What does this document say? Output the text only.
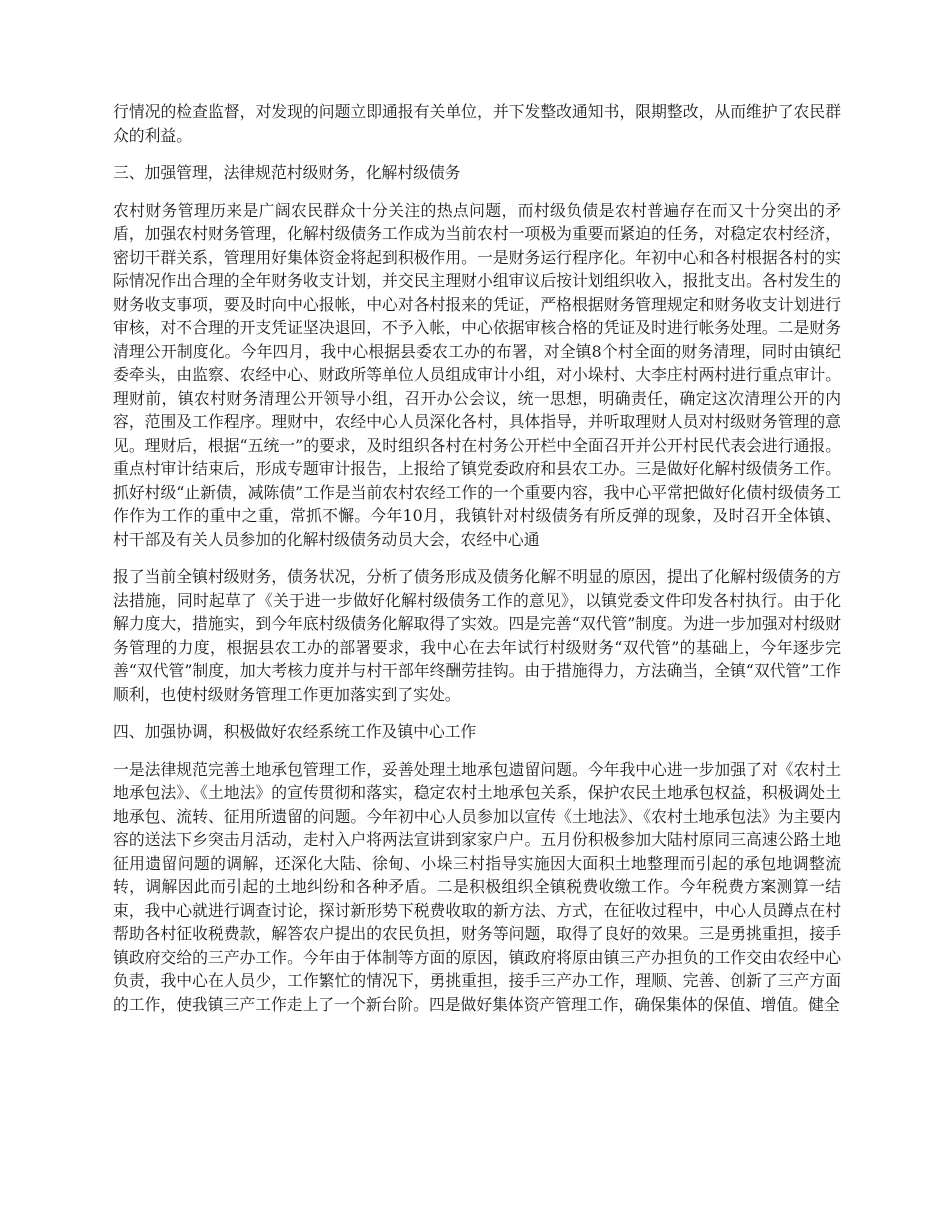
行情况的检查监督，对发现的问题立即通报有关单位，并下发整改通知书，限期整改，从而维护了农民群众的利益。

三、加强管理，法律规范村级财务，化解村级债务

农村财务管理历来是广阔农民群众十分关注的热点问题，而村级负债是农村普遍存在而又十分突出的矛盾，加强农村财务管理，化解村级债务工作成为当前农村一项极为重要而紧迫的任务，对稳定农村经济，密切干群关系，管理用好集体资金将起到积极作用。一是财务运行程序化。年初中心和各村根据各村的实际情况作出合理的全年财务收支计划，并交民主理财小组审议后按计划组织收入，报批支出。各村发生的财务收支事项，要及时向中心报帐，中心对各村报来的凭证，严格根据财务管理规定和财务收支计划进行审核，对不合理的开支凭证坚决退回，不予入帐，中心依据审核合格的凭证及时进行帐务处理。二是财务清理公开制度化。今年四月，我中心根据县委农工办的布署，对全镇8个村全面的财务清理，同时由镇纪委牵头，由监察、农经中心、财政所等单位人员组成审计小组，对小垛村、大李庄村两村进行重点审计。理财前，镇农村财务清理公开领导小组，召开办公会议，统一思想，明确责任，确定这次清理公开的内容，范围及工作程序。理财中，农经中心人员深化各村，具体指导，并听取理财人员对村级财务管理的意见。理财后，根据“五统一”的要求，及时组织各村在村务公开栏中全面召开并公开村民代表会进行通报。重点村审计结束后，形成专题审计报告，上报给了镇党委政府和县农工办。三是做好化解村级债务工作。抓好村级“止新债，减陈债”工作是当前农村农经工作的一个重要内容，我中心平常把做好化债村级债务工作作为工作的重中之重，常抓不懈。今年10月，我镇针对村级债务有所反弹的现象，及时召开全体镇、村干部及有关人员参加的化解村级债务动员大会，农经中心通

报了当前全镇村级财务，债务状况，分析了债务形成及债务化解不明显的原因，提出了化解村级债务的方法措施，同时起草了《关于进一步做好化解村级债务工作的意见》，以镇党委文件印发各村执行。由于化解力度大，措施实，到今年底村级债务化解取得了实效。四是完善“双代管”制度。为进一步加强对村级财务管理的力度，根据县农工办的部署要求，我中心在去年试行村级财务“双代管”的基础上，今年逐步完善“双代管”制度，加大考核力度并与村干部年终酬劳挂钩。由于措施得力，方法确当，全镇“双代管”工作顺利，也使村级财务管理工作更加落实到了实处。

四、加强协调，积极做好农经系统工作及镇中心工作

一是法律规范完善土地承包管理工作，妥善处理土地承包遗留问题。今年我中心进一步加强了对《农村土地承包法》、《土地法》的宣传贯彻和落实，稳定农村土地承包关系，保护农民土地承包权益，积极调处土地承包、流转、征用所遗留的问题。今年初中心人员参加以宣传《土地法》、《农村土地承包法》为主要内容的送法下乡突击月活动，走村入户将两法宣讲到家家户户。五月份积极参加大陆村原同三高速公路土地征用遗留问题的调解，还深化大陆、徐甸、小垛三村指导实施因大面积土地整理而引起的承包地调整流转，调解因此而引起的土地纠纷和各种矛盾。二是积极组织全镇税费收缴工作。今年税费方案测算一结束，我中心就进行调查讨论，探讨新形势下税费收取的新方法、方式，在征收过程中，中心人员蹲点在村帮助各村征收税费款，解答农户提出的农民负担，财务等问题，取得了良好的效果。三是勇挑重担，接手镇政府交给的三产办工作。今年由于体制等方面的原因，镇政府将原由镇三产办担负的工作交由农经中心负责，我中心在人员少，工作繁忙的情况下，勇挑重担，接手三产办工作，理顺、完善、创新了三产方面的工作，使我镇三产工作走上了一个新台阶。四是做好集体资产管理工作，确保集体的保值、增值。健全
